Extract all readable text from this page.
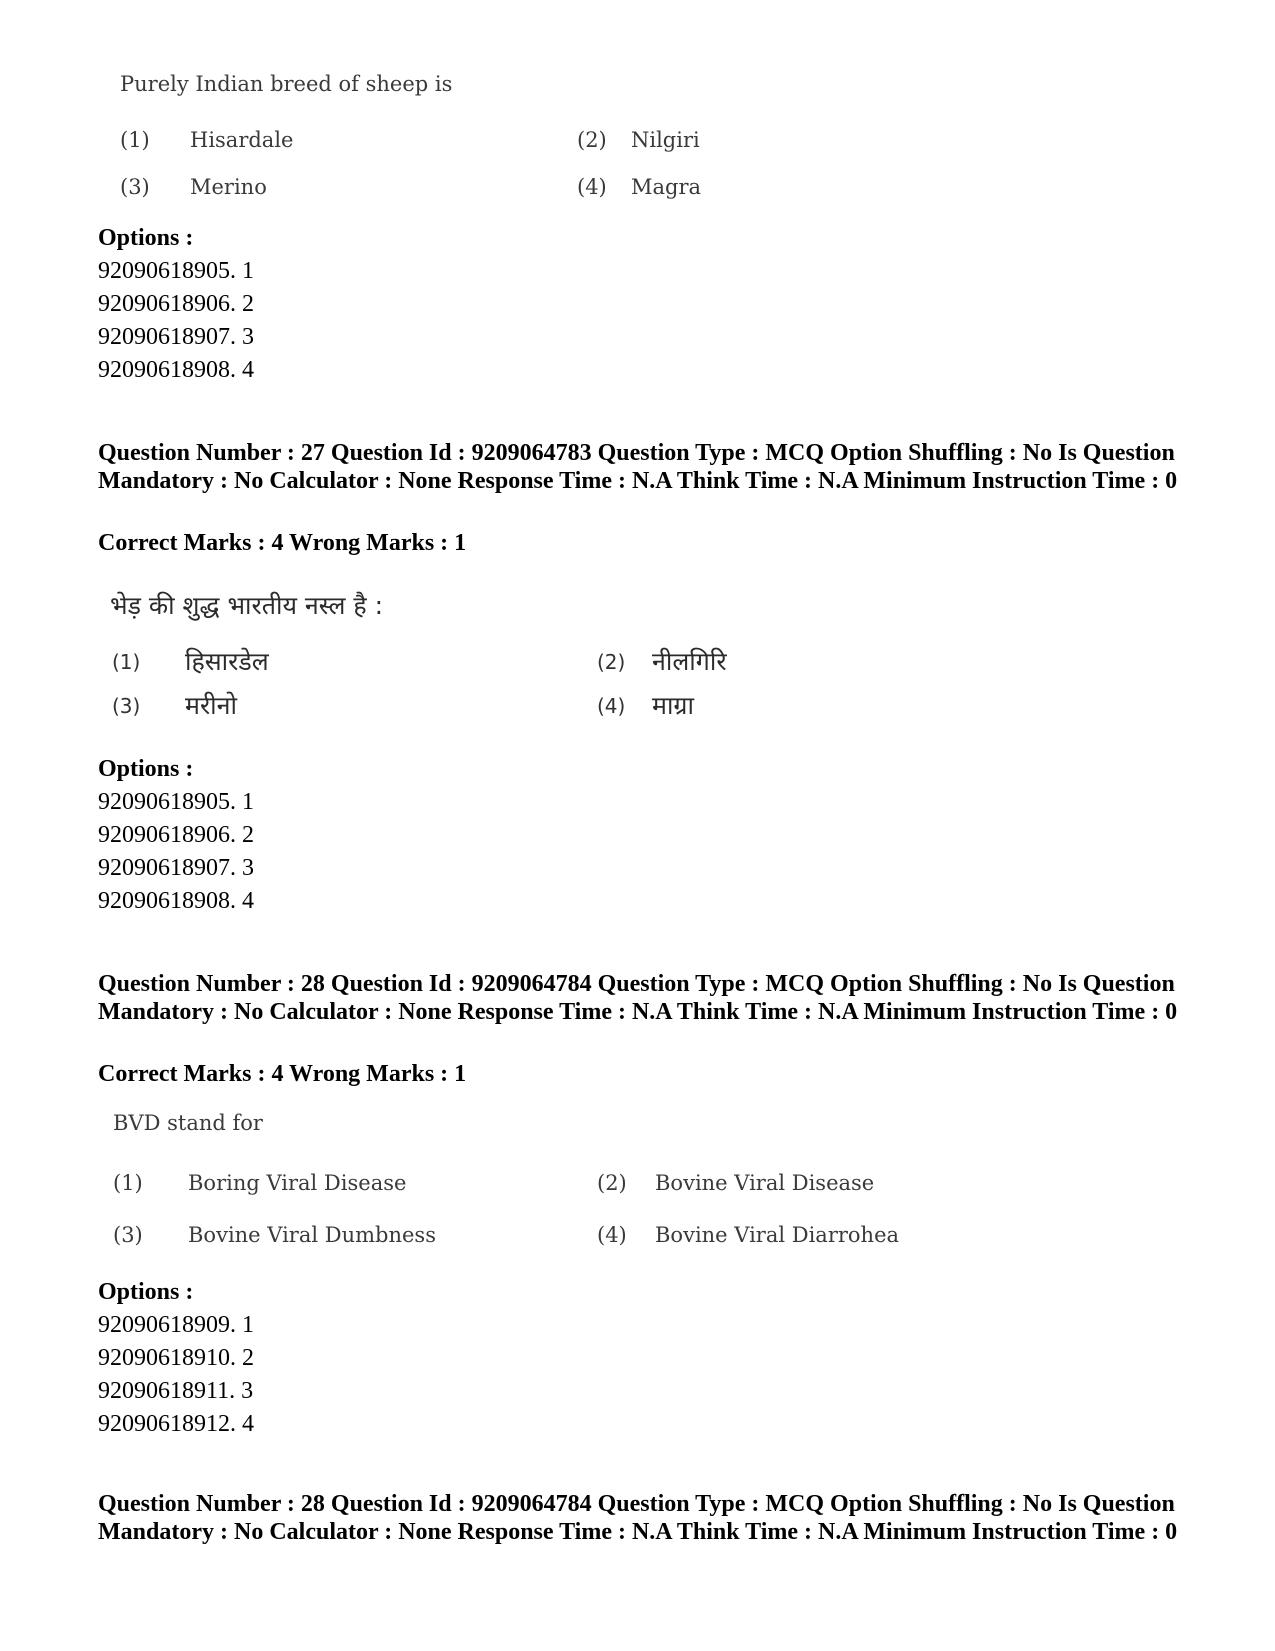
Purely Indian breed of sheep is
(1) Hisardale	(2) Nilgiri
(3) Merino	(4) Magra
Options :
92090618905. 1
92090618906. 2
92090618907. 3
92090618908. 4
Question Number : 27 Question Id : 9209064783 Question Type : MCQ Option Shuffling : No Is Question Mandatory : No Calculator : None Response Time : N.A Think Time : N.A Minimum Instruction Time : 0
Correct Marks : 4 Wrong Marks : 1
भेड़ की शुद्ध भारतीय नस्ल है :
(1) हिसारडेल	(2) नीलगिरि
(3) मरीनो	(4) माग्रा
Options :
92090618905. 1
92090618906. 2
92090618907. 3
92090618908. 4
Question Number : 28 Question Id : 9209064784 Question Type : MCQ Option Shuffling : No Is Question Mandatory : No Calculator : None Response Time : N.A Think Time : N.A Minimum Instruction Time : 0
Correct Marks : 4 Wrong Marks : 1
BVD stand for
(1) Boring Viral Disease	(2) Bovine Viral Disease
(3) Bovine Viral Dumbness	(4) Bovine Viral Diarrohea
Options :
92090618909. 1
92090618910. 2
92090618911. 3
92090618912. 4
Question Number : 28 Question Id : 9209064784 Question Type : MCQ Option Shuffling : No Is Question Mandatory : No Calculator : None Response Time : N.A Think Time : N.A Minimum Instruction Time : 0
